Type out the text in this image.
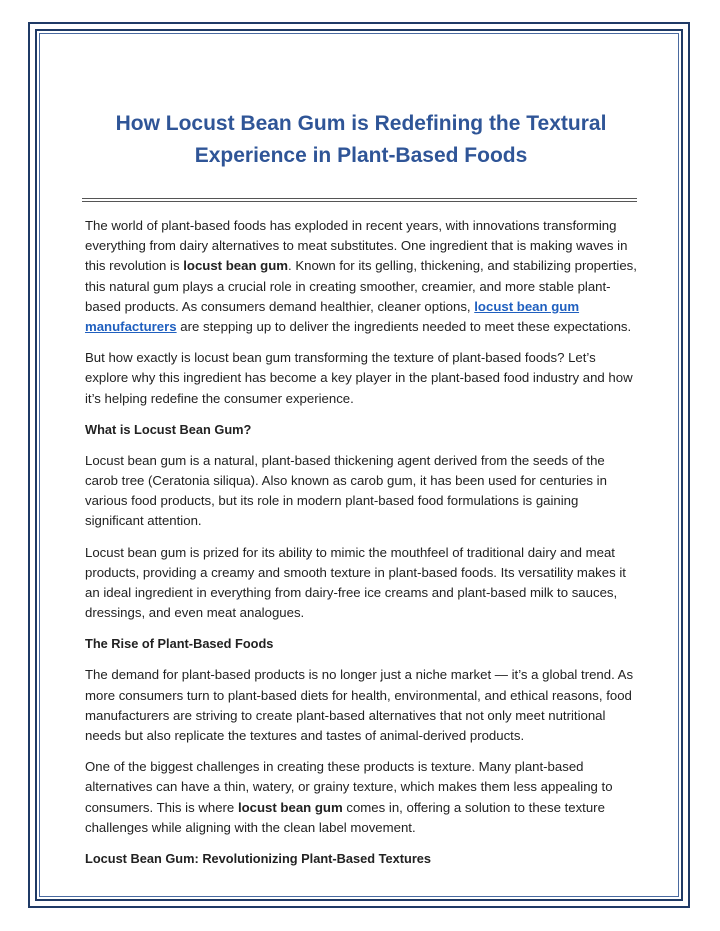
How Locust Bean Gum is Redefining the Textural Experience in Plant-Based Foods

The world of plant-based foods has exploded in recent years, with innovations transforming everything from dairy alternatives to meat substitutes. One ingredient that is making waves in this revolution is locust bean gum. Known for its gelling, thickening, and stabilizing properties, this natural gum plays a crucial role in creating smoother, creamier, and more stable plant-based products. As consumers demand healthier, cleaner options, locust bean gum manufacturers are stepping up to deliver the ingredients needed to meet these expectations.

But how exactly is locust bean gum transforming the texture of plant-based foods? Let’s explore why this ingredient has become a key player in the plant-based food industry and how it’s helping redefine the consumer experience.

What is Locust Bean Gum?

Locust bean gum is a natural, plant-based thickening agent derived from the seeds of the carob tree (Ceratonia siliqua). Also known as carob gum, it has been used for centuries in various food products, but its role in modern plant-based food formulations is gaining significant attention.

Locust bean gum is prized for its ability to mimic the mouthfeel of traditional dairy and meat products, providing a creamy and smooth texture in plant-based foods. Its versatility makes it an ideal ingredient in everything from dairy-free ice creams and plant-based milk to sauces, dressings, and even meat analogues.

The Rise of Plant-Based Foods

The demand for plant-based products is no longer just a niche market — it’s a global trend. As more consumers turn to plant-based diets for health, environmental, and ethical reasons, food manufacturers are striving to create plant-based alternatives that not only meet nutritional needs but also replicate the textures and tastes of animal-derived products.

One of the biggest challenges in creating these products is texture. Many plant-based alternatives can have a thin, watery, or grainy texture, which makes them less appealing to consumers. This is where locust bean gum comes in, offering a solution to these texture challenges while aligning with the clean label movement.

Locust Bean Gum: Revolutionizing Plant-Based Textures
